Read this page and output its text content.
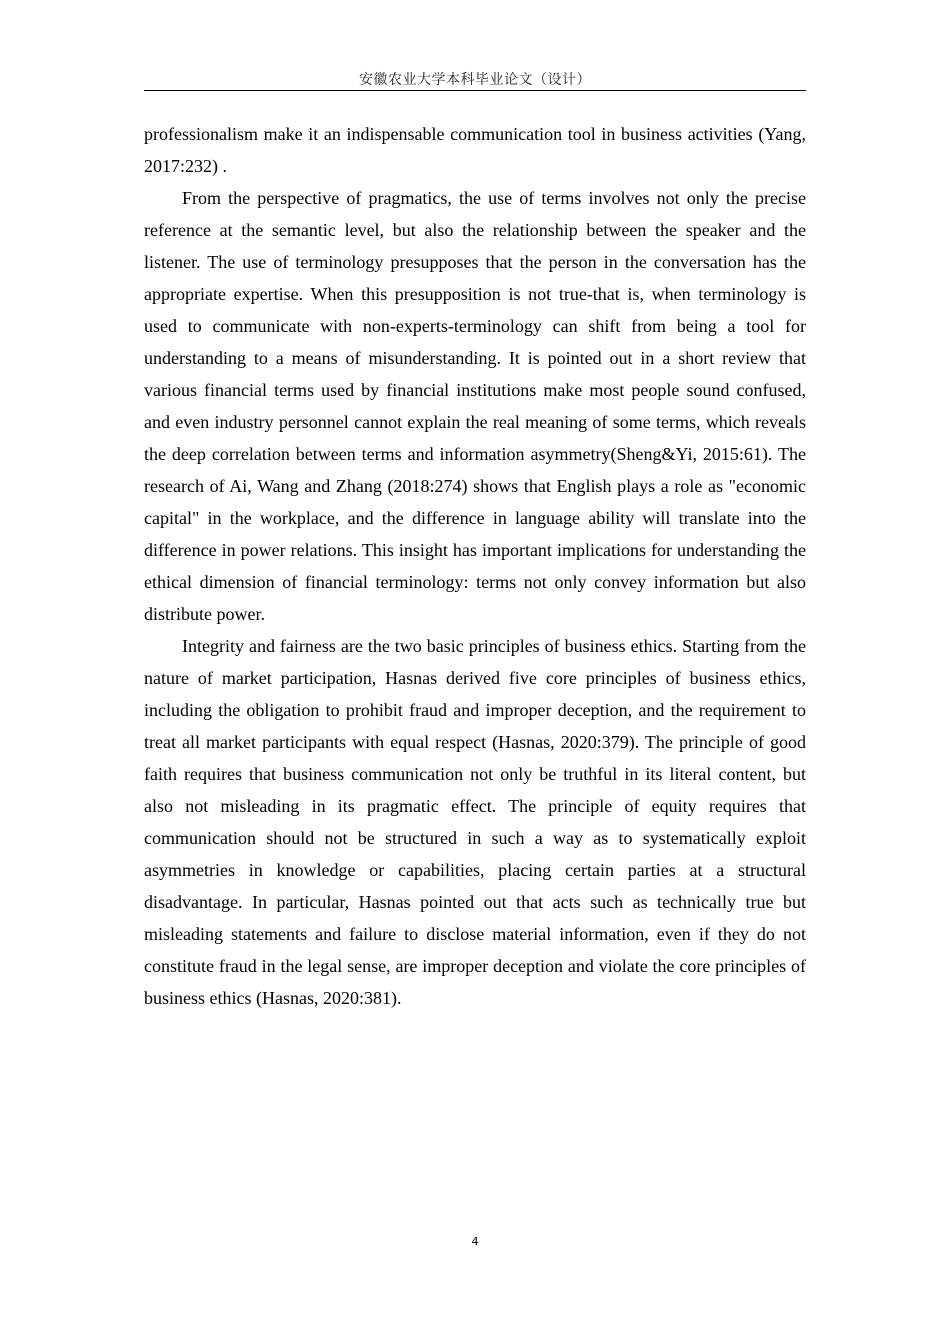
安徽农业大学本科毕业论文（设计）

professionalism make it an indispensable communication tool in business activities (Yang, 2017:232) .

From the perspective of pragmatics, the use of terms involves not only the precise reference at the semantic level, but also the relationship between the speaker and the listener. The use of terminology presupposes that the person in the conversation has the appropriate expertise. When this presupposition is not true-that is, when terminology is used to communicate with non-experts-terminology can shift from being a tool for understanding to a means of misunderstanding. It is pointed out in a short review that various financial terms used by financial institutions make most people sound confused, and even industry personnel cannot explain the real meaning of some terms, which reveals the deep correlation between terms and information asymmetry(Sheng&Yi, 2015:61). The research of Ai, Wang and Zhang (2018:274) shows that English plays a role as "economic capital" in the workplace, and the difference in language ability will translate into the difference in power relations. This insight has important implications for understanding the ethical dimension of financial terminology: terms not only convey information but also distribute power.

Integrity and fairness are the two basic principles of business ethics. Starting from the nature of market participation, Hasnas derived five core principles of business ethics, including the obligation to prohibit fraud and improper deception, and the requirement to treat all market participants with equal respect (Hasnas, 2020:379). The principle of good faith requires that business communication not only be truthful in its literal content, but also not misleading in its pragmatic effect. The principle of equity requires that communication should not be structured in such a way as to systematically exploit asymmetries in knowledge or capabilities, placing certain parties at a structural disadvantage. In particular, Hasnas pointed out that acts such as technically true but misleading statements and failure to disclose material information, even if they do not constitute fraud in the legal sense, are improper deception and violate the core principles of business ethics (Hasnas, 2020:381).

4
